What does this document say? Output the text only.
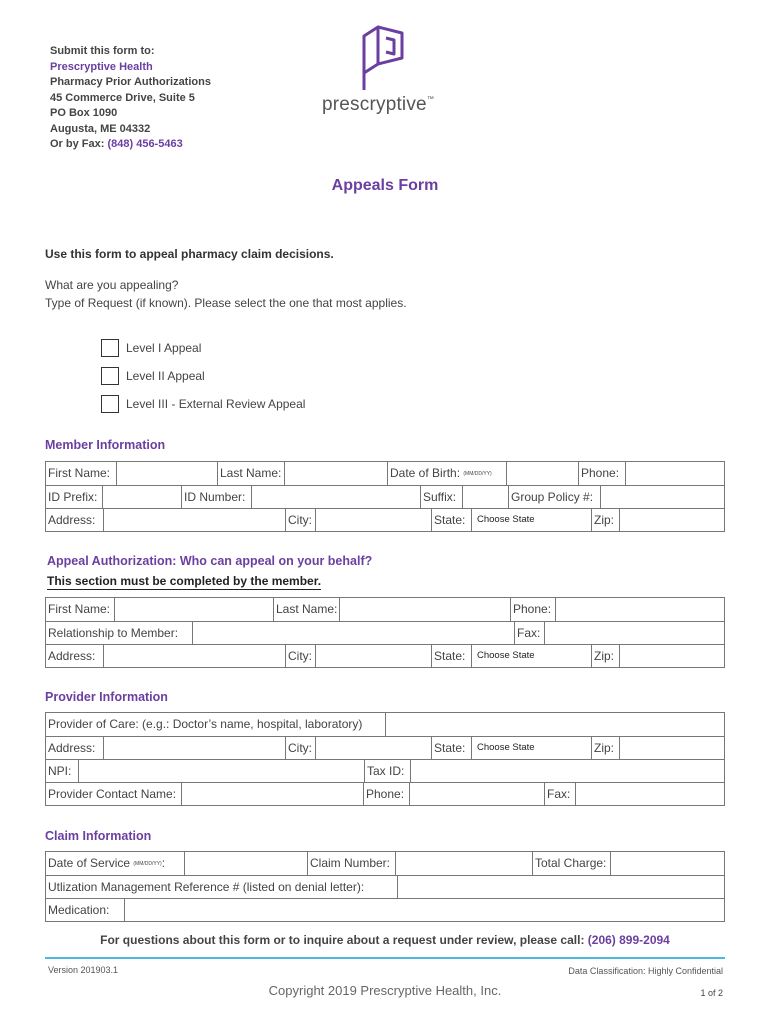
Submit this form to:
Prescryptive Health
Pharmacy Prior Authorizations
45 Commerce Drive, Suite 5
PO Box 1090
Augusta, ME 04332
Or by Fax: (848) 456-5463
prescryptive™
Appeals Form
Use this form to appeal pharmacy claim decisions.
What are you appealing?
Type of Request (if known). Please select the one that most applies.
Level I Appeal
Level II Appeal
Level III - External Review Appeal
Member Information
First Name:	Last Name:	Date of Birth: (MM/DD/YY)	Phone:
ID Prefix:	ID Number:	Suffix:	Group Policy #:
Address:	City:	State:	Choose State	Zip:
Appeal Authorization: Who can appeal on your behalf?
This section must be completed by the member.
First Name:	Last Name:	Phone:
Relationship to Member:	Fax:
Address:	City:	State:	Choose State	Zip:
Provider Information
Provider of Care: (e.g.: Doctor’s name, hospital, laboratory)
Address:	City:	State:	Choose State	Zip:
NPI:	Tax ID:
Provider Contact Name:	Phone:	Fax:
Claim Information
Date of Service (MM/DD/YY):	Claim Number:	Total Charge:
Utlization Management Reference # (listed on denial letter):
Medication:
For questions about this form or to inquire about a request under review, please call: (206) 899-2094
Version 201903.1	Data Classification: Highly Confidential
Copyright 2019 Prescryptive Health, Inc.	1 of 2
